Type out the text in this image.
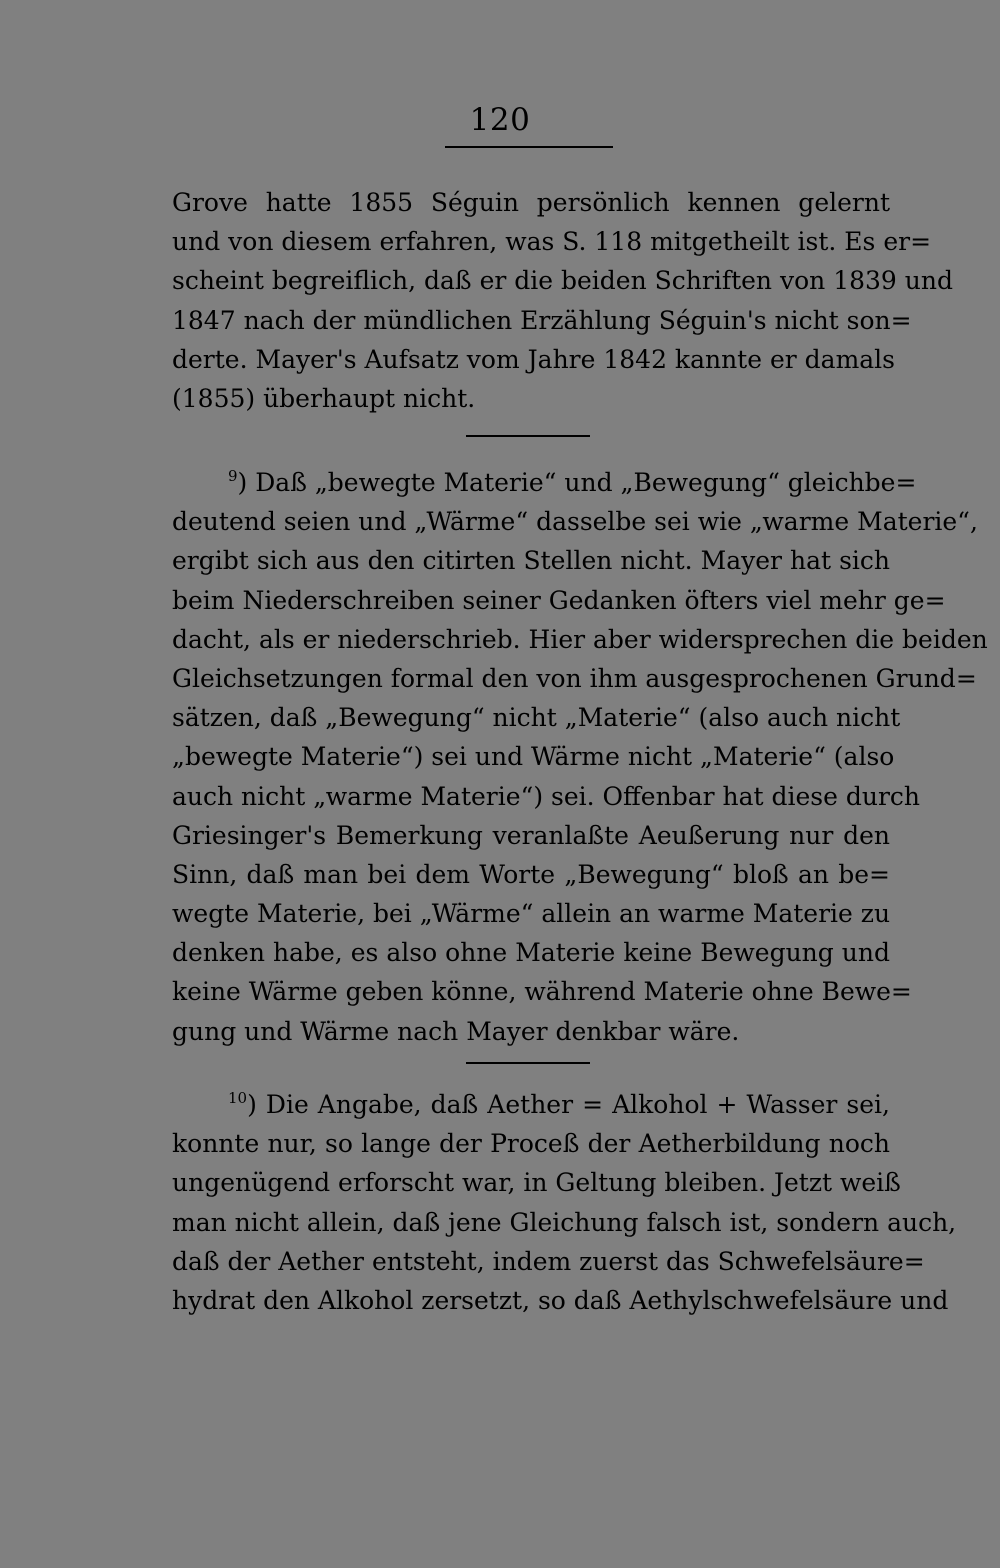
120
Grove hatte 1855 Séguin persönlich kennen gelernt
und von diesem erfahren, was S. 118 mitgetheilt ist. Es er=
scheint begreiflich, daß er die beiden Schriften von 1839 und
1847 nach der mündlichen Erzählung Séguin's nicht son=
derte. Mayer's Aufsatz vom Jahre 1842 kannte er damals
(1855) überhaupt nicht.
$^9$) Daß „bewegte Materie“ und „Bewegung“ gleichbe=
deutend seien und „Wärme“ dasselbe sei wie „warme Materie“,
ergibt sich aus den citirten Stellen nicht. Mayer hat sich
beim Niederschreiben seiner Gedanken öfters viel mehr ge=
dacht, als er niederschrieb. Hier aber widersprechen die beiden
Gleichsetzungen formal den von ihm ausgesprochenen Grund=
sätzen, daß „Bewegung“ nicht „Materie“ (also auch nicht
„bewegte Materie“) sei und Wärme nicht „Materie“ (also
auch nicht „warme Materie“) sei. Offenbar hat diese durch
Griesinger's Bemerkung veranlaßte Aeußerung nur den
Sinn, daß man bei dem Worte „Bewegung“ bloß an be=
wegte Materie, bei „Wärme“ allein an warme Materie zu
denken habe, es also ohne Materie keine Bewegung und
keine Wärme geben könne, während Materie ohne Bewe=
gung und Wärme nach Mayer denkbar wäre.
$^{10}$) Die Angabe, daß Aether = Alkohol + Wasser sei,
konnte nur, so lange der Proceß der Aetherbildung noch
ungenügend erforscht war, in Geltung bleiben. Jetzt weiß
man nicht allein, daß jene Gleichung falsch ist, sondern auch,
daß der Aether entsteht, indem zuerst das Schwefelsäure=
hydrat den Alkohol zersetzt, so daß Aethylschwefelsäure und
